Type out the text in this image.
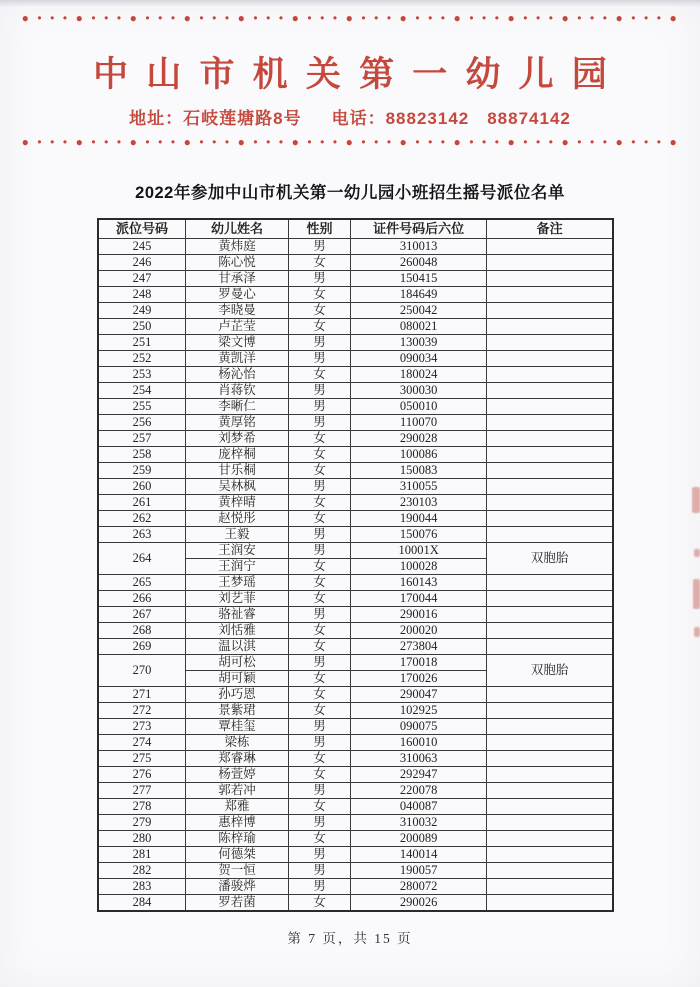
● • • • ● • • • ● • • • ● • • • ● • • • ● • • • ● • • • ● • • • ● • • • ● • • • ● • • • ● • • • ●
中山市机关第一幼儿园
地址：石岐莲塘路8号 电话：88823142　88874142
● • • • ● • • • ● • • • ● • • • ● • • • ● • • • ● • • • ● • • • ● • • • ● • • • ● • • • ● • • • ●
2022年参加中山市机关第一幼儿园小班招生摇号派位名单
派位号码	幼儿姓名	性别	证件号码后六位	备注
245	黄炜庭	男	310013	
246	陈心悦	女	260048	
247	甘承泽	男	150415	
248	罗曼心	女	184649	
249	李晓曼	女	250042	
250	卢芷莹	女	080021	
251	梁文博	男	130039	
252	黄凯洋	男	090034	
253	杨沁怡	女	180024	
254	肖蒋钦	男	300030	
255	李晰仁	男	050010	
256	黄厚铭	男	110070	
257	刘梦希	女	290028	
258	庞梓桐	女	100086	
259	甘乐桐	女	150083	
260	吴林枫	男	310055	
261	黄梓晴	女	230103	
262	赵悦彤	女	190044	
263	王毅	男	150076	
264	王润安	男	10001X	双胞胎
	王润宁	女	100028	
265	王梦瑶	女	160143	
266	刘艺菲	女	170044	
267	骆祉睿	男	290016	
268	刘恬雅	女	200020	
269	温以淇	女	273804	
270	胡可松	男	170018	双胞胎
	胡可颖	女	170026	
271	孙巧恩	女	290047	
272	景紫珺	女	102925	
273	覃桂玺	男	090075	
274	梁栋	男	160010	
275	郑睿琳	女	310063	
276	杨萱婷	女	292947	
277	郭若冲	男	220078	
278	郑雅	女	040087	
279	惠梓博	男	310032	
280	陈梓瑜	女	200089	
281	何德桀	男	140014	
282	贺一恒	男	190057	
283	潘骏烨	男	280072	
284	罗若菌	女	290026	
第 7 页，共 15 页
